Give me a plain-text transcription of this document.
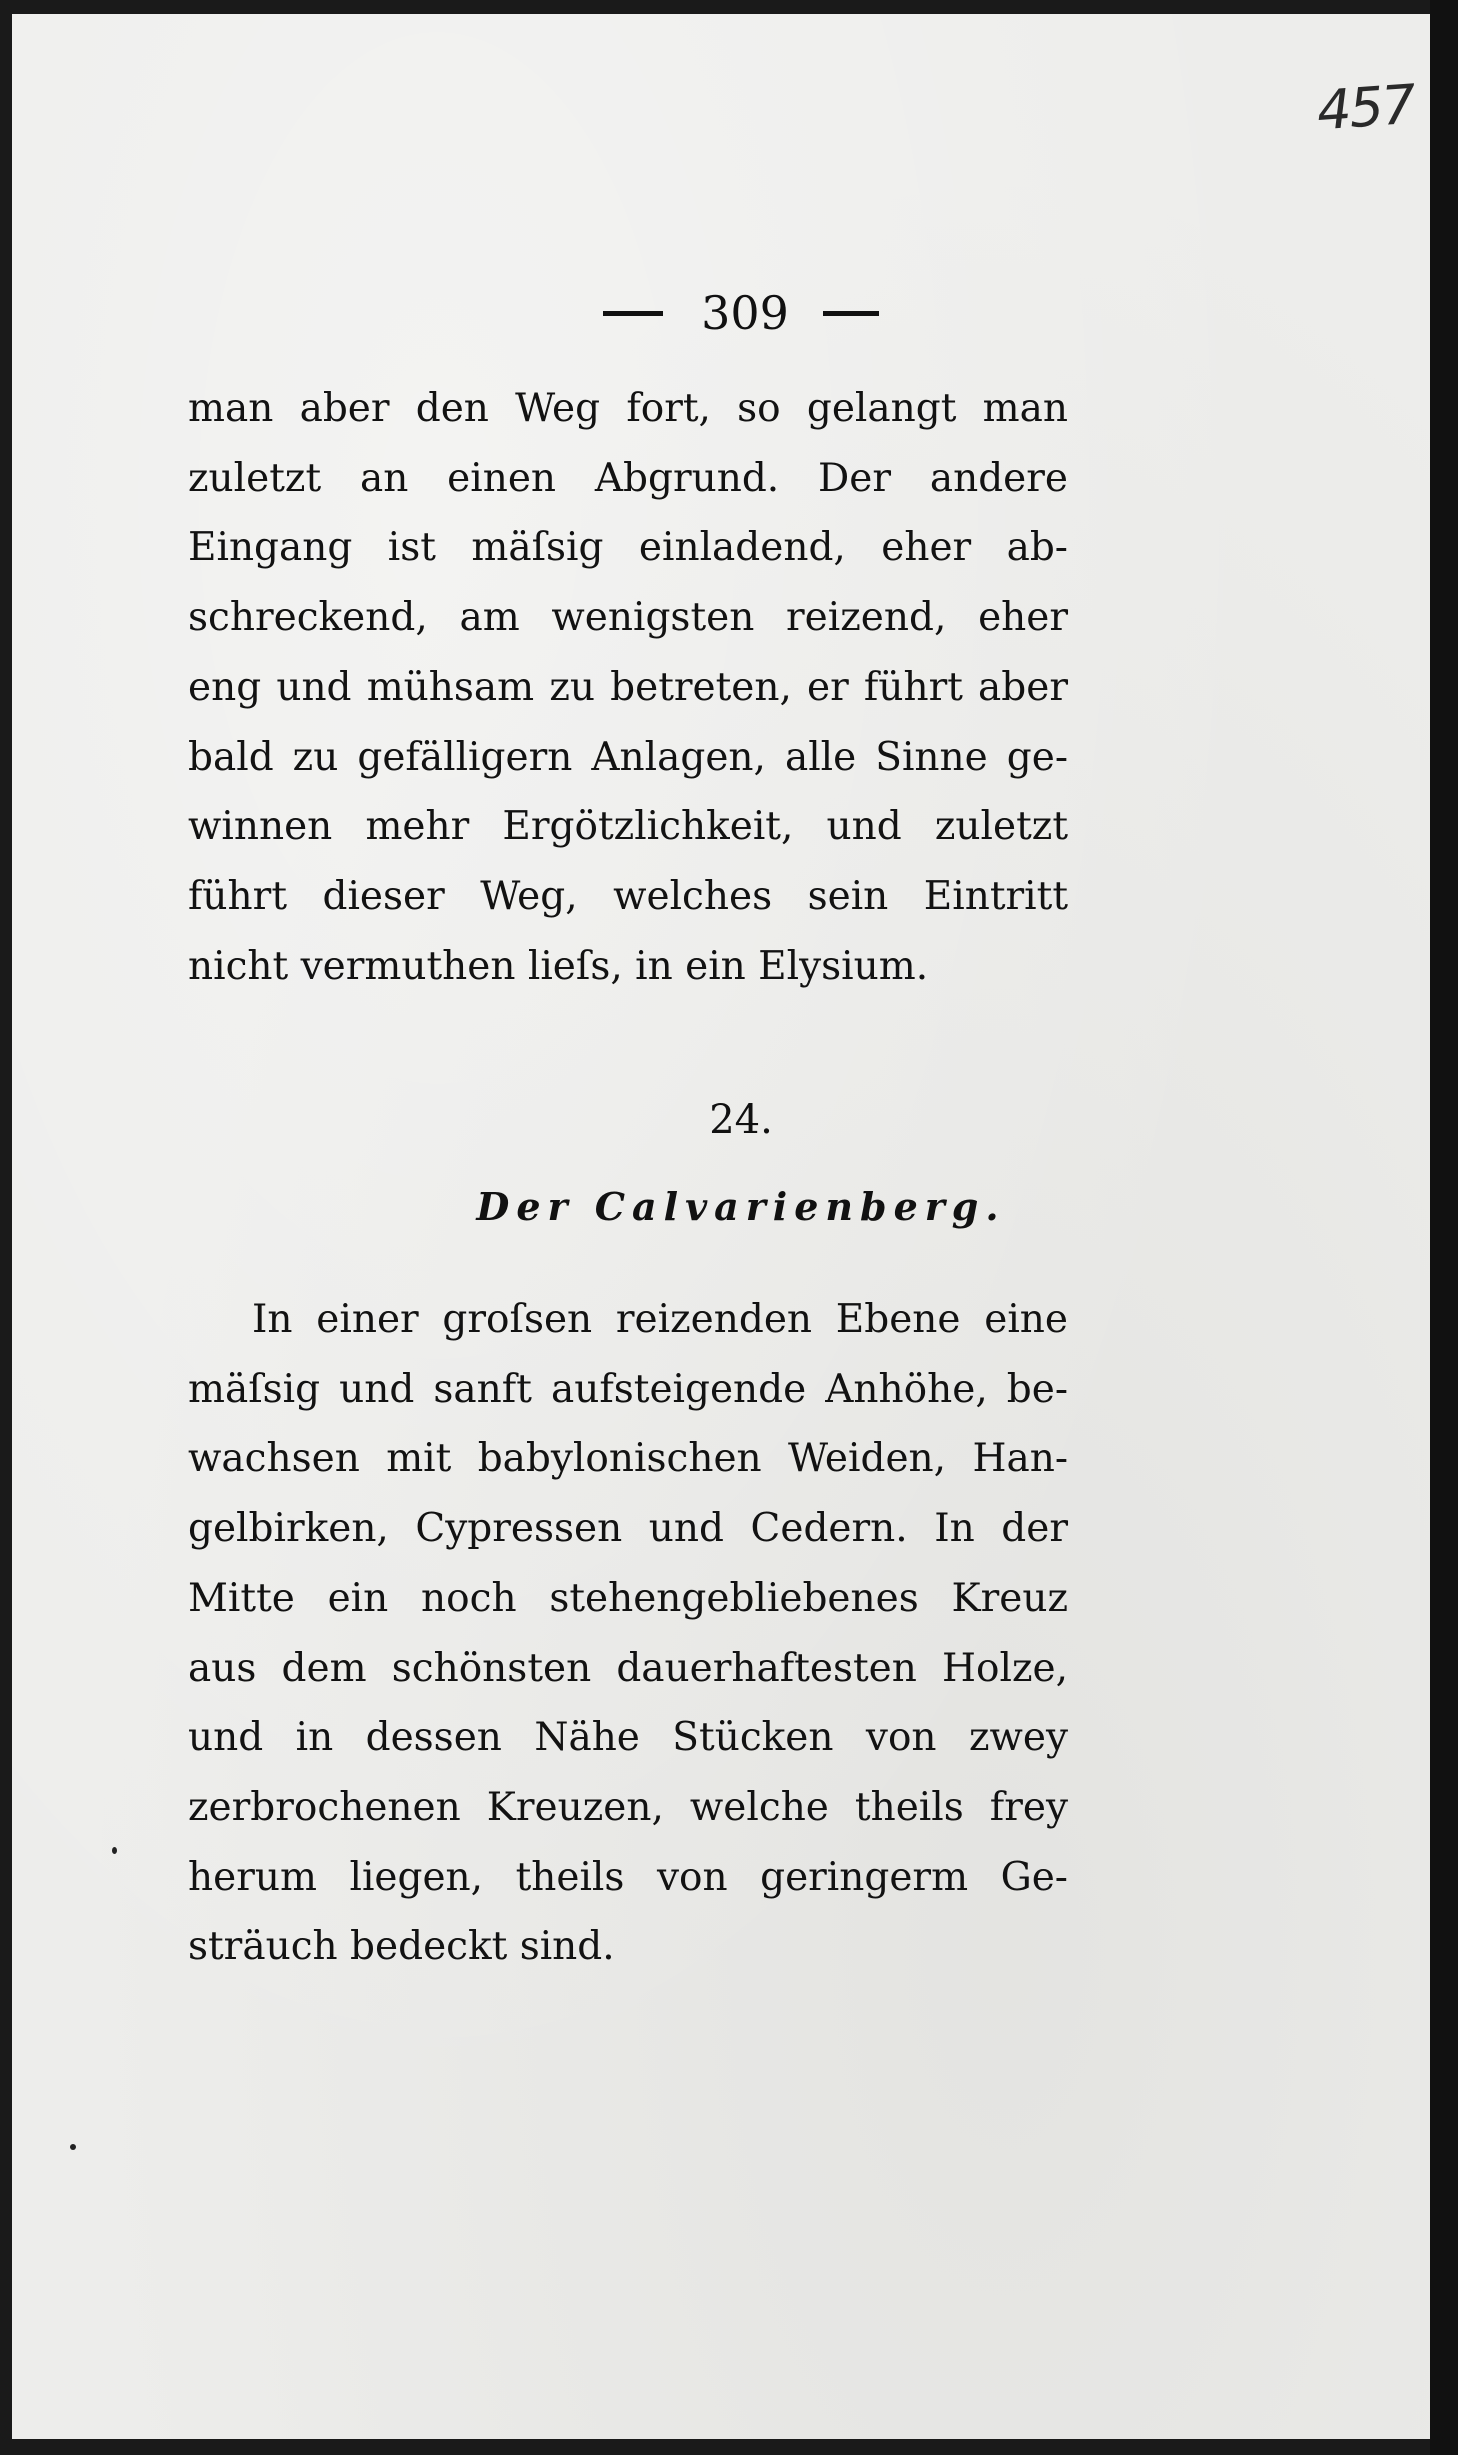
457
309
man aber den Weg fort, so gelangt man
zuletzt an einen Abgrund. Der andere
Eingang ist mäſsig einladend, eher ab-
schreckend, am wenigsten reizend, eher
eng und mühsam zu betreten, er führt aber
bald zu gefälligern Anlagen, alle Sinne ge-
winnen mehr Ergötzlichkeit, und zuletzt
führt dieser Weg, welches sein Eintritt
nicht vermuthen lieſs, in ein Elysium.
24.
Der Calvarienberg.
In einer groſsen reizenden Ebene eine
mäſsig und sanft aufsteigende Anhöhe, be-
wachsen mit babylonischen Weiden, Han-
gelbirken, Cypressen und Cedern. In der
Mitte ein noch stehengebliebenes Kreuz
aus dem schönsten dauerhaftesten Holze,
und in dessen Nähe Stücken von zwey
zerbrochenen Kreuzen, welche theils frey
herum liegen, theils von geringerm Ge-
sträuch bedeckt sind.
